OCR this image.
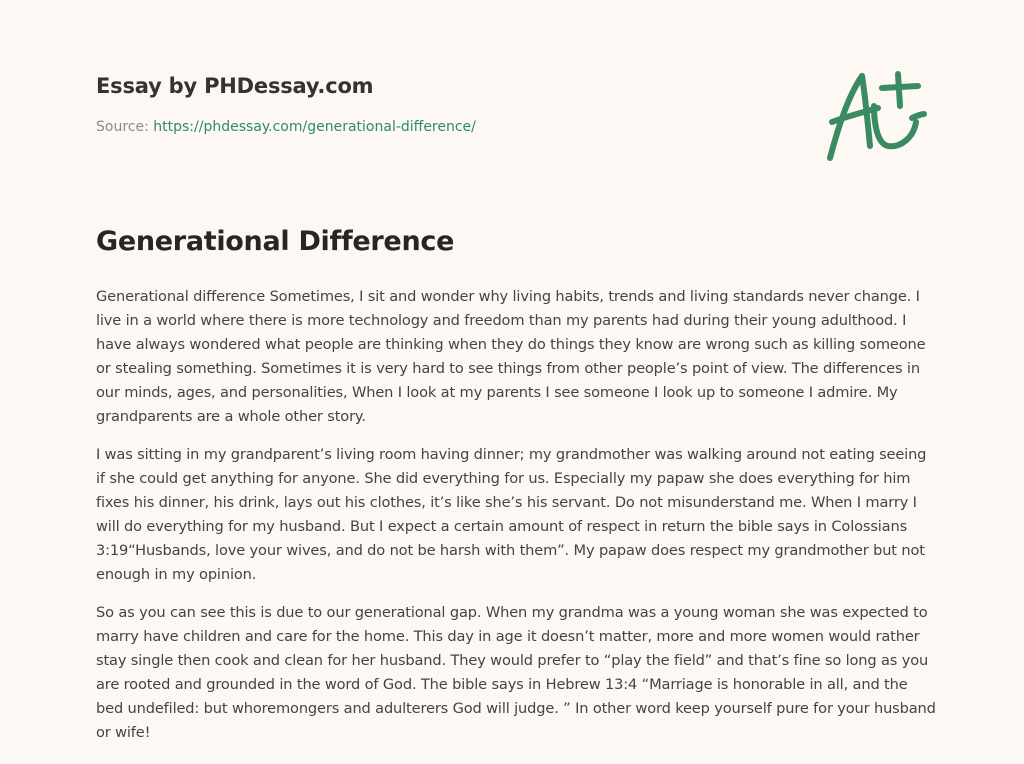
Essay by PHDessay.com
Source: https://phdessay.com/generational-difference/
Generational Difference

Generational difference Sometimes, I sit and wonder why living habits, trends and living standards never change. I live in a world where there is more technology and freedom than my parents had during their young adulthood. I have always wondered what people are thinking when they do things they know are wrong such as killing someone or stealing something. Sometimes it is very hard to see things from other people’s point of view. The differences in our minds, ages, and personalities, When I look at my parents I see someone I look up to someone I admire. My grandparents are a whole other story.

I was sitting in my grandparent’s living room having dinner; my grandmother was walking around not eating seeing if she could get anything for anyone. She did everything for us. Especially my papaw she does everything for him fixes his dinner, his drink, lays out his clothes, it’s like she’s his servant. Do not misunderstand me. When I marry I will do everything for my husband. But I expect a certain amount of respect in return the bible says in Colossians 3:19“Husbands, love your wives, and do not be harsh with them”. My papaw does respect my grandmother but not enough in my opinion.

So as you can see this is due to our generational gap. When my grandma was a young woman she was expected to marry have children and care for the home. This day in age it doesn’t matter, more and more women would rather stay single then cook and clean for her husband. They would prefer to “play the field” and that’s fine so long as you are rooted and grounded in the word of God. The bible says in Hebrew 13:4 “Marriage is honorable in all, and the bed undefiled: but whoremongers and adulterers God will judge. ” In other word keep yourself pure for your husband or wife!
